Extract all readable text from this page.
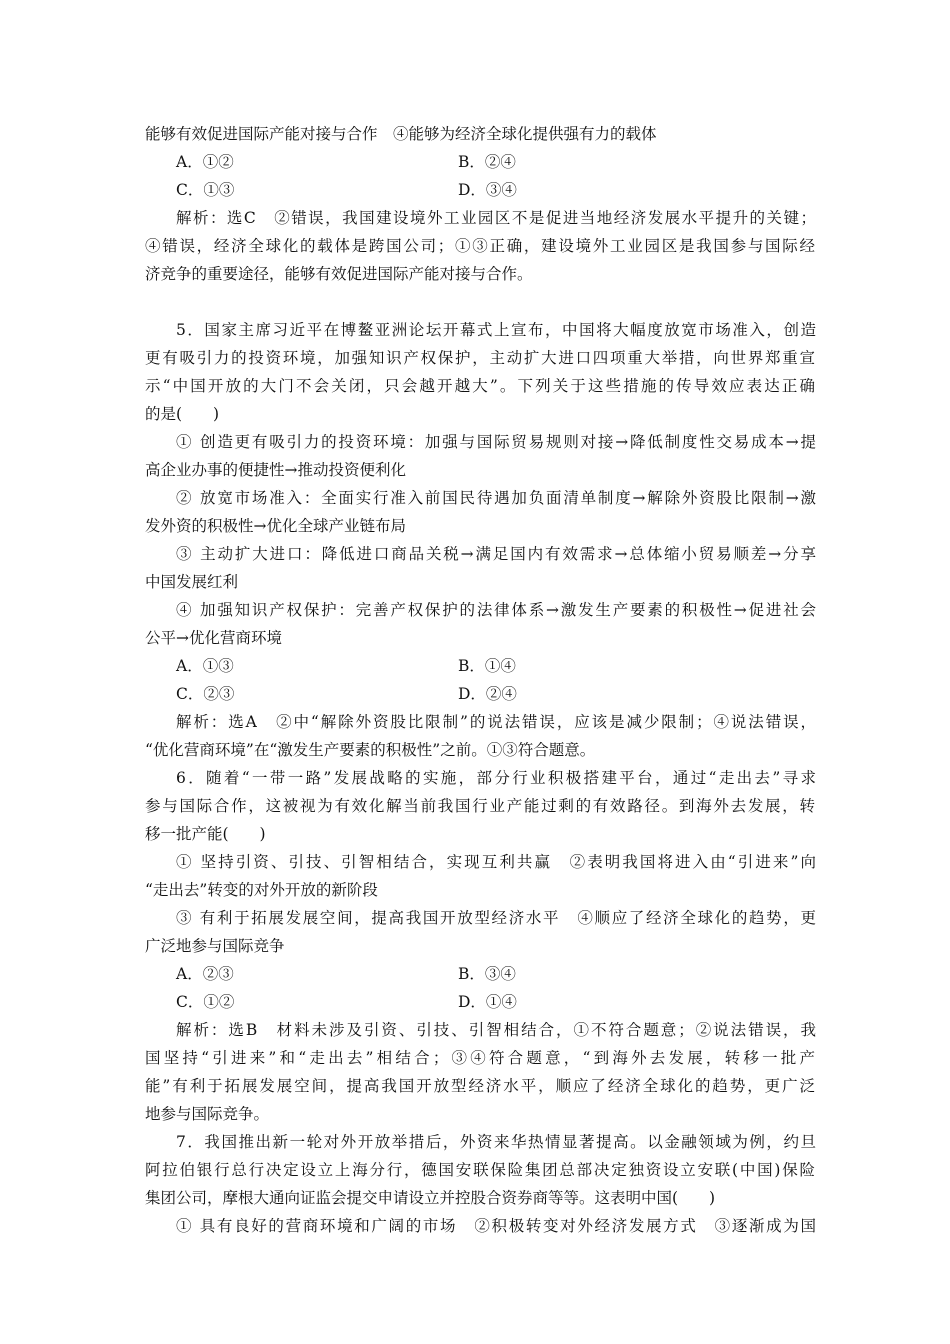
能够有效促进国际产能对接与合作　④能够为经济全球化提供强有力的载体
A．①②	B．②④
C．①③	D．③④
解析：选C　②错误，我国建设境外工业园区不是促进当地经济发展水平提升的关键；
④错误，经济全球化的载体是跨国公司；①③正确，建设境外工业园区是我国参与国际经
济竞争的重要途径，能够有效促进国际产能对接与合作。
5．国家主席习近平在博鳌亚洲论坛开幕式上宣布，中国将大幅度放宽市场准入，创造
更有吸引力的投资环境，加强知识产权保护，主动扩大进口四项重大举措，向世界郑重宣
示“中国开放的大门不会关闭，只会越开越大”。下列关于这些措施的传导效应表达正确
的是(　　)
① 创造更有吸引力的投资环境：加强与国际贸易规则对接→降低制度性交易成本→提
高企业办事的便捷性→推动投资便利化
② 放宽市场准入：全面实行准入前国民待遇加负面清单制度→解除外资股比限制→激
发外资的积极性→优化全球产业链布局
③ 主动扩大进口：降低进口商品关税→满足国内有效需求→总体缩小贸易顺差→分享
中国发展红利
④ 加强知识产权保护：完善产权保护的法律体系→激发生产要素的积极性→促进社会
公平→优化营商环境
A．①③	B．①④
C．②③	D．②④
解析：选A　②中“解除外资股比限制”的说法错误，应该是减少限制；④说法错误，
“优化营商环境”在“激发生产要素的积极性”之前。①③符合题意。
6．随着“一带一路”发展战略的实施，部分行业积极搭建平台，通过“走出去”寻求
参与国际合作，这被视为有效化解当前我国行业产能过剩的有效路径。到海外去发展，转
移一批产能(　　)
① 坚持引资、引技、引智相结合，实现互利共赢　②表明我国将进入由“引进来”向
“走出去”转变的对外开放的新阶段
③ 有利于拓展发展空间，提高我国开放型经济水平　④顺应了经济全球化的趋势，更
广泛地参与国际竞争
A．②③	B．③④
C．①②	D．①④
解析：选B　材料未涉及引资、引技、引智相结合，①不符合题意；②说法错误，我
国坚持“引进来”和“走出去”相结合；③④符合题意，“到海外去发展，转移一批产
能”有利于拓展发展空间，提高我国开放型经济水平，顺应了经济全球化的趋势，更广泛
地参与国际竞争。
7．我国推出新一轮对外开放举措后，外资来华热情显著提高。以金融领域为例，约旦
阿拉伯银行总行决定设立上海分行，德国安联保险集团总部决定独资设立安联(中国)保险
集团公司，摩根大通向证监会提交申请设立并控股合资券商等等。这表明中国(　　)
① 具有良好的营商环境和广阔的市场　②积极转变对外经济发展方式　③逐渐成为国
